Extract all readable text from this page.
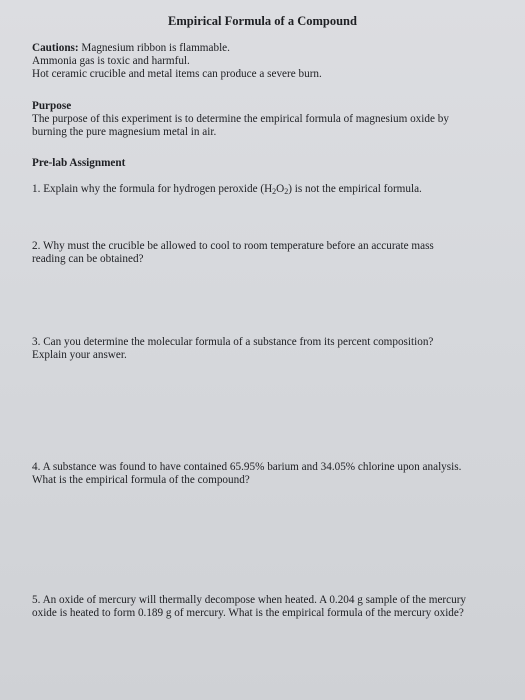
Empirical Formula of a Compound
Cautions: Magnesium ribbon is flammable.
Ammonia gas is toxic and harmful.
Hot ceramic crucible and metal items can produce a severe burn.
Purpose
The purpose of this experiment is to determine the empirical formula of magnesium oxide by
burning the pure magnesium metal in air.
Pre-lab Assignment
1. Explain why the formula for hydrogen peroxide $(H_2O_2)$ is not the empirical formula.
2. Why must the crucible be allowed to cool to room temperature before an accurate mass
reading can be obtained?
3. Can you determine the molecular formula of a substance from its percent composition?
Explain your answer.
4. A substance was found to have contained 65.95% barium and 34.05% chlorine upon analysis.
What is the empirical formula of the compound?
5. An oxide of mercury will thermally decompose when heated. A 0.204 g sample of the mercury
oxide is heated to form 0.189 g of mercury. What is the empirical formula of the mercury oxide?
